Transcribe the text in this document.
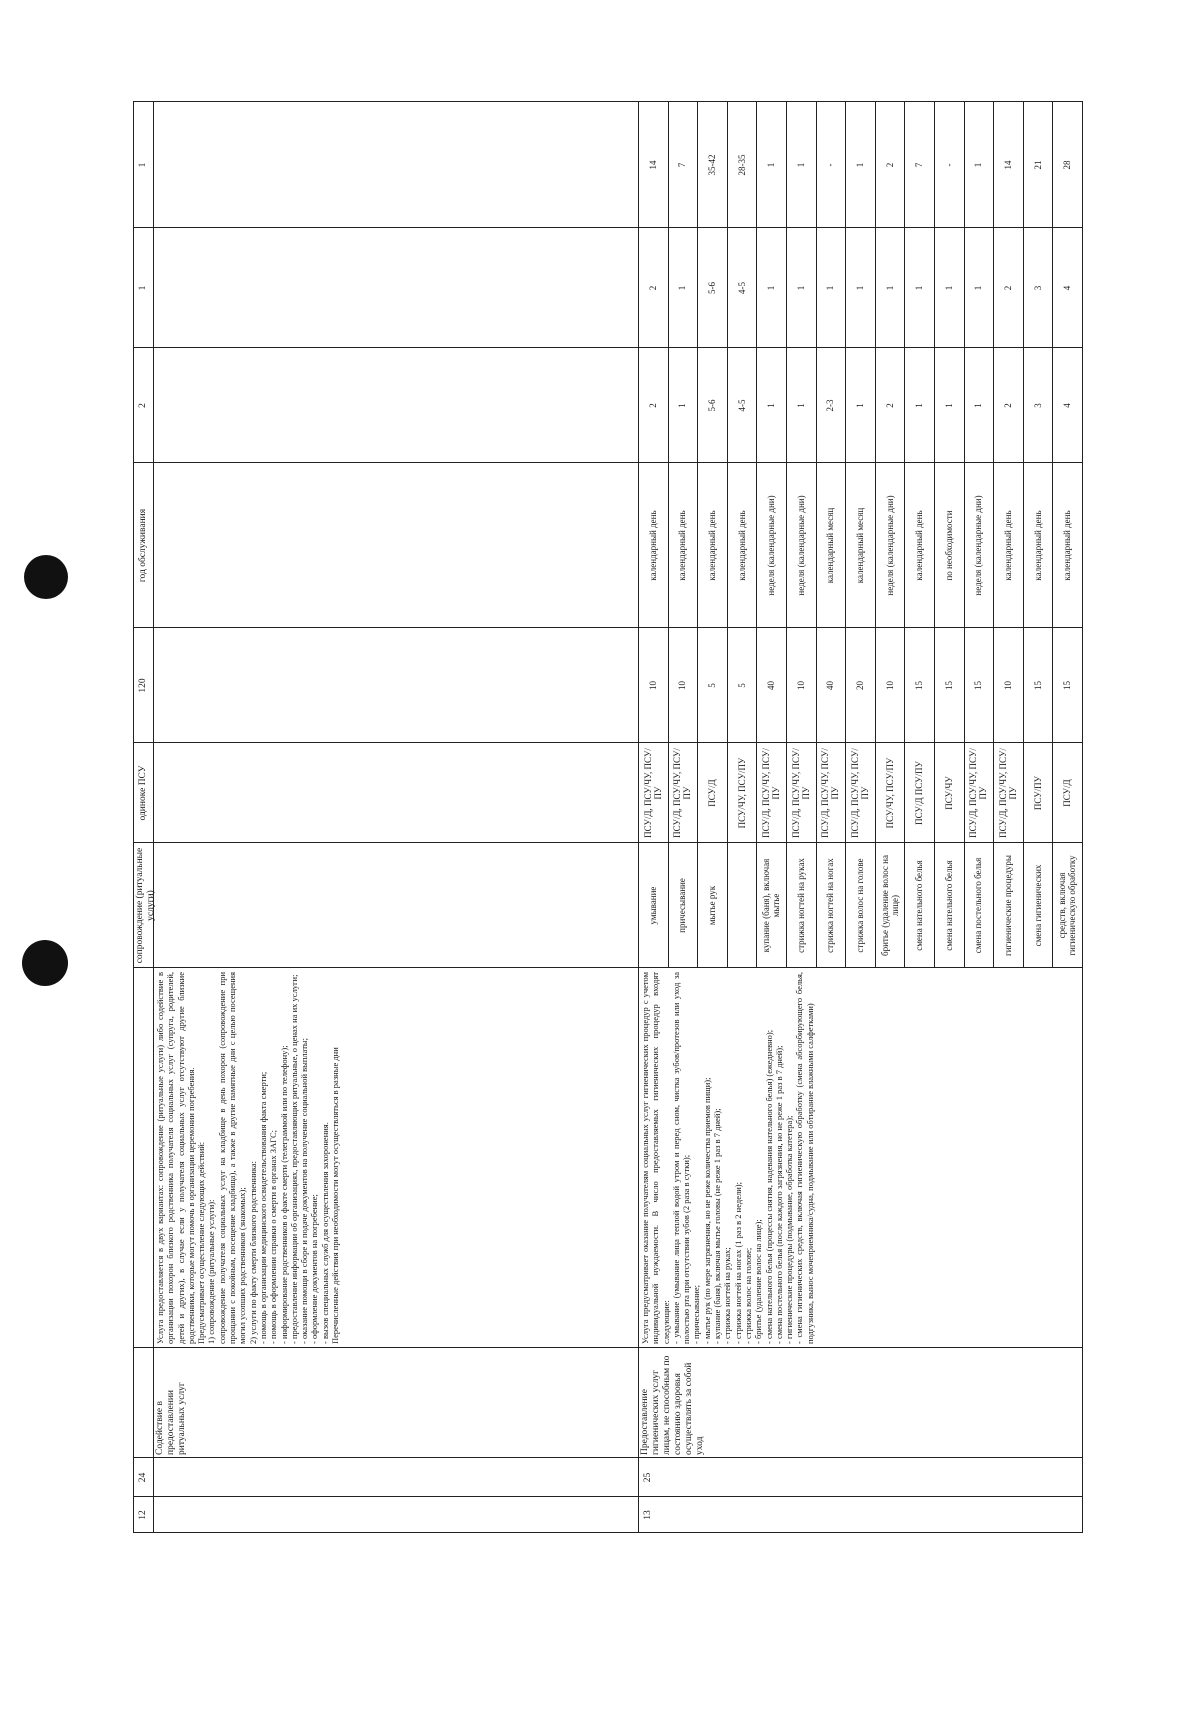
12
24
сопровождение (ритуальные услуги)
одиноке ПСУ
120
год обслуживания
2
1
1
Содействие в предоставлении ритуальных услуг

Услуга предоставляется в двух вариантах: сопровождение (ритуальные услуги) либо содействие в организации похорон близкого родственника получателя социальных услуг (супруга, родителей, детей и других), в случае если у получателя социальных услуг отсутствуют другие близкие родственники, которые могут помочь в организации церемонии погребения. Предусматривает осуществление следующих действий: 1) сопровождение (ритуальные услуги): сопровождение получателя социальных услуг на кладбище в день похорон (сопровождение при прощании с покойным, посещение кладбища), а также в другие памятные дни с целью посещения могил усопших родственников (знакомых); 2) услуги по факту смерти близкого родственника: - помощь в организации медицинского освидетельствования факта смерти; - помощь в оформлении справки о смерти в органах ЗАГС; - информирование родственников о факте смерти (телеграммой или по телефону); - предоставление информации об организациях, предоставляющих ритуальные, о ценах на их услуги; - оказание помощи в сборе и подаче документов на получение социальной выплаты; - оформление документов на погребение; - вызов специальных служб для осуществления захоронения. Перечисленные действия при необходимости могут осуществляться в разные дни

13
25
Предоставление гигиенических услуг лицам, не способным по состоянию здоровья осуществлять за собой уход

Услуга предусматривает оказание получателям социальных услуг гигиенических процедур с учетом индивидуальной нуждаемости. В число предоставляемых гигиенических процедур входят следующие: - умывание (умывание лица теплой водой утром и перед сном, чистка зубов/протезов или уход за полостью рта при отсутствии зубов (2 раза в сутки); - причесывание; - мытье рук (по мере загрязнения, но не реже количества приемов пищи); - купание (баня), включая мытье головы (не реже 1 раз в 7 дней); - стрижка ногтей на руках; - стрижка ногтей на ногах (1 раз в 2 недели); - стрижка волос на голове; - бритье (удаление волос на лице); - смена нательного белья (процессы снятия, надевания нательного белья) (ежедневно); - смена постельного белья (после каждого загрязнения, но не реже 1 раз в 7 дней); - гигиенические процедуры (подмывание, обработка катетера); - смена гигиенических средств, включая гигиеническую обработку (смена абсорбирующего белья, подгузника, вынос мочеприемника/судна, подмывание или обтирание влажными салфетками)

умывание
ПСУ/Д, ПСУ/ЧУ, ПСУ/ПУ
10
календарный день
2
2
14
причесывание
ПСУ/Д, ПСУ/ЧУ, ПСУ/ПУ
10
календарный день
1
1
7
мытье рук
ПСУ/Д
5
календарный день
5-6
5-6
35-42
ПСУ/ЧУ, ПСУ/ПУ
5
календарный день
4-5
4-5
28-35
купание (баня), включая мытье
ПСУ/Д, ПСУ/ЧУ, ПСУ/ПУ
40
неделя (календарные дни)
1
1
1
стрижка ногтей на руках
ПСУ/Д, ПСУ/ЧУ, ПСУ/ПУ
10
неделя (календарные дни)
1
1
1
стрижка ногтей на ногах
ПСУ/Д, ПСУ/ЧУ, ПСУ/ПУ
40
календарный месяц
2-3
1
-
стрижка волос на голове
ПСУ/Д, ПСУ/ЧУ, ПСУ/ПУ
20
календарный месяц
1
1
1
бритье (удаление волос на лице)
ПСУ/ЧУ, ПСУ/ПУ
10
неделя (календарные дни)
2
1
2
смена нательного белья
ПСУ/Д ПСУ/ПУ
15
календарный день
1
1
7
смена нательного белья
ПСУ/ЧУ
15
по необходимости
1
1
-
смена постельного белья
ПСУ/Д, ПСУ/ЧУ, ПСУ/ПУ
15
неделя (календарные дни)
1
1
1
гигиенические процедуры
ПСУ/Д, ПСУ/ЧУ, ПСУ/ПУ
10
календарный день
2
2
14
смена гигиенических
ПСУ/ПУ
15
календарный день
3
3
21
средств, включая гигиеническую обработку
ПСУ/Д
15
календарный день
4
4
28
